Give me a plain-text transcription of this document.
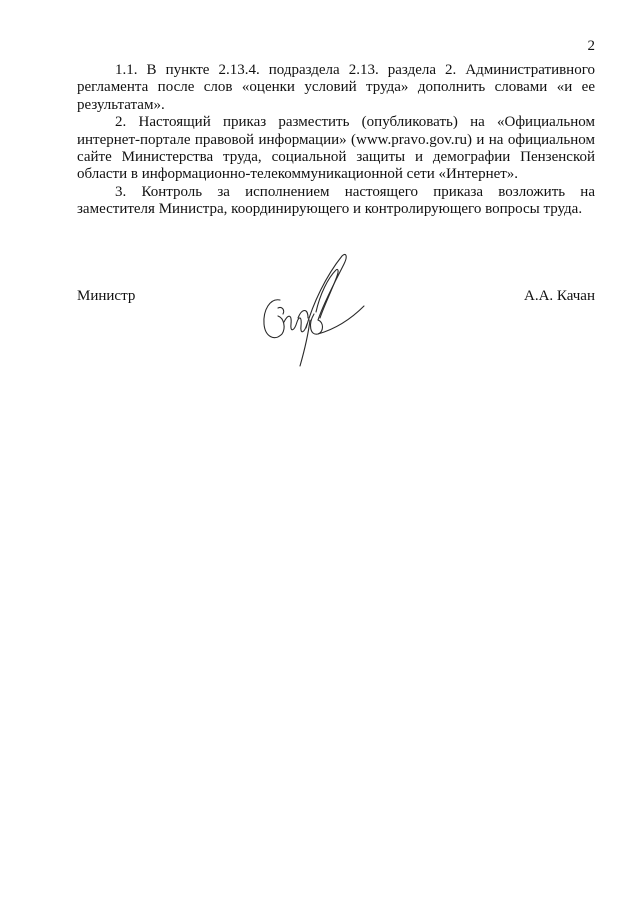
2

1.1. В пункте 2.13.4. подраздела 2.13. раздела 2. Административного регламента после слов «оценки условий труда» дополнить словами «и ее результатам».

2. Настоящий приказ разместить (опубликовать) на «Официальном интернет-портале правовой информации» (www.pravo.gov.ru) и на официальном сайте Министерства труда, социальной защиты и демографии Пензенской области в информационно-телекоммуникационной сети «Интернет».

3. Контроль за исполнением настоящего приказа возложить на заместителя Министра, координирующего и контролирующего вопросы труда.

Министр	А.А. Качан
